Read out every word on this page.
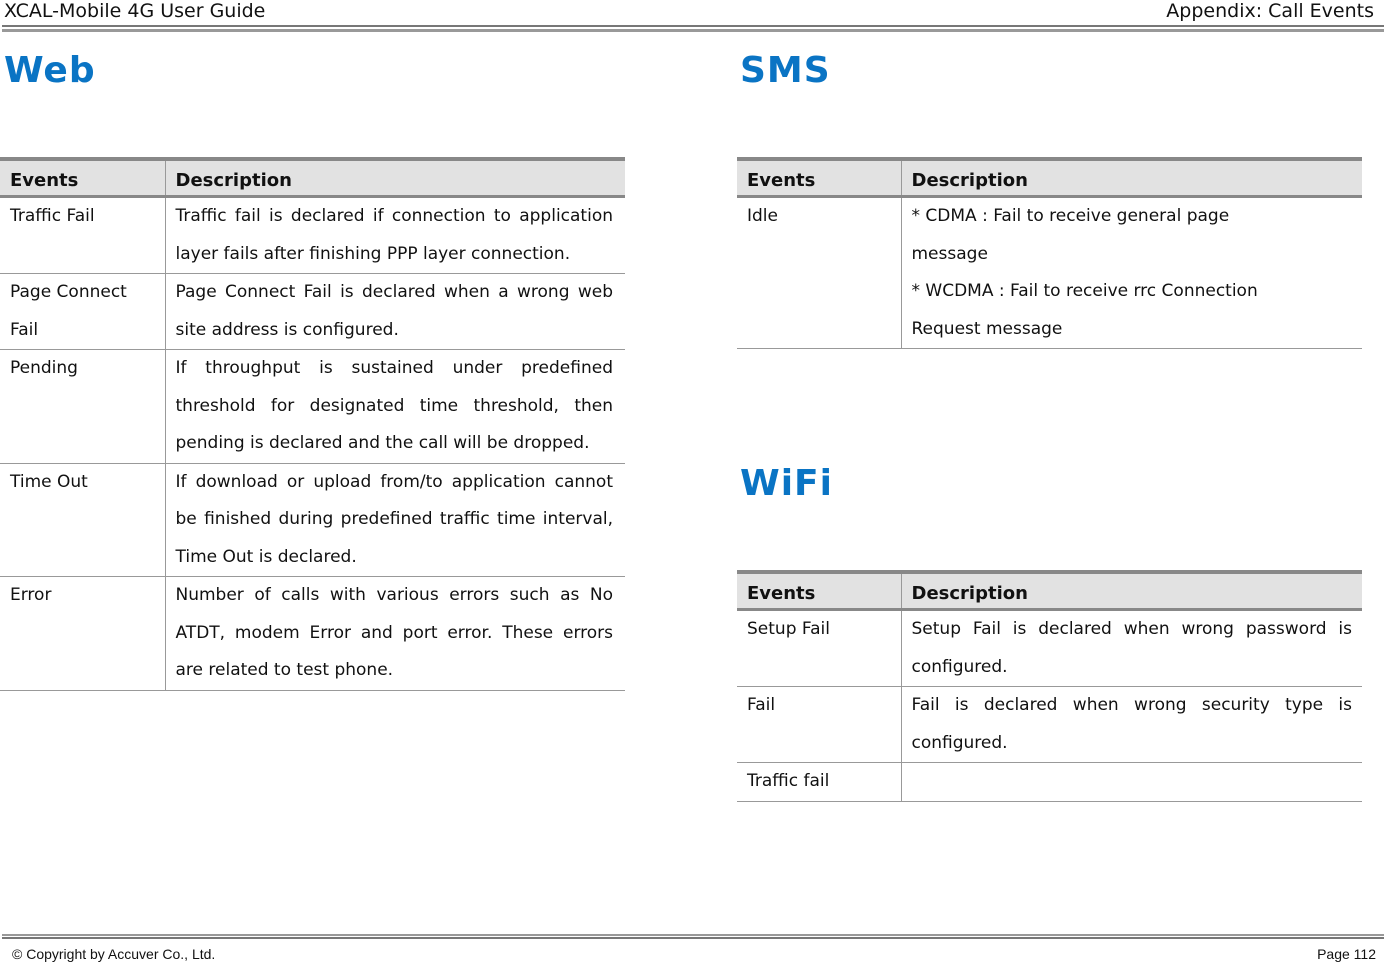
XCAL-Mobile 4G User Guide	Appendix: Call Events
Web
Events	Description	
Traffic Fail	Traffic fail is declared if connection to application layer fails after finishing PPP layer connection.	
Page Connect Fail	Page Connect Fail is declared when a wrong web site address is configured.	
Pending	If throughput is sustained under predefined threshold for designated time threshold, then pending is declared and the call will be dropped.	
Time Out	If download or upload from/to application cannot be finished during predefined traffic time interval, Time Out is declared.	
Error	Number of calls with various errors such as No ATDT, modem Error and port error. These errors are related to test phone.	
SMS
Events	Description	
Idle	* CDMA : Fail to receive general page
message
* WCDMA : Fail to receive rrc Connection
Request message	
WiFi
Events	Description	
Setup Fail	Setup Fail is declared when wrong password is configured.	
Fail	Fail is declared when wrong security type is configured.	
Traffic fail		
© Copyright by Accuver Co., Ltd.	Page 112
